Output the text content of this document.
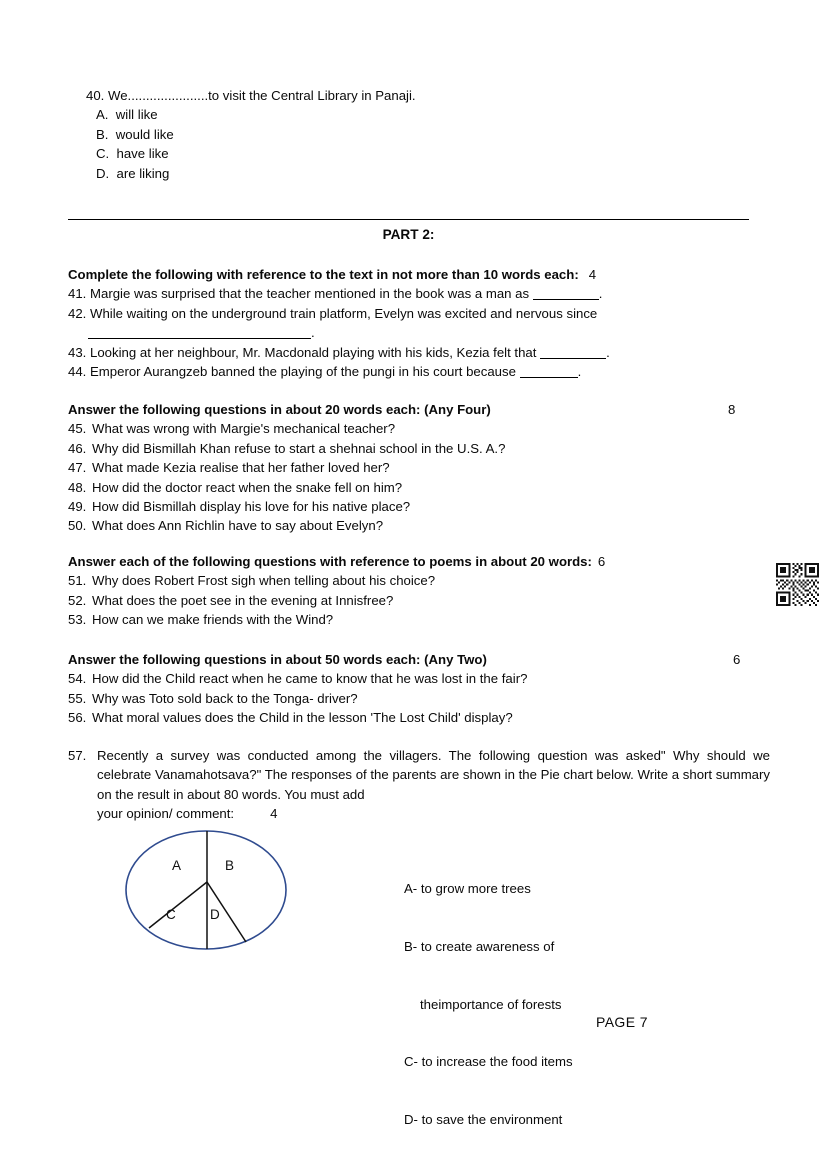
40. We......................to visit the Central Library in Panaji.
A.  will like
B.  would like
C.  have like
D.  are liking
PART 2:
Complete the following with reference to the text in not more than 10 words each: 4
41. Margie was surprised that the teacher mentioned in the book was a man as	.
42. While waiting on the underground train platform, Evelyn was excited and nervous since
.
43. Looking at her neighbour, Mr. Macdonald playing with his kids, Kezia felt that	.
44. Emperor Aurangzeb banned the playing of the pungi in his court because	.
Answer the following questions in about 20 words each: (Any Four)
45. What was wrong with Margie's mechanical teacher?
46. Why did Bismillah Khan refuse to start a shehnai school in the U.S. A.?
47. What made Kezia realise that her father loved her?
48. How did the doctor react when the snake fell on him?
49. How did Bismillah display his love for his native place?
50. What does Ann Richlin have to say about Evelyn?
8
Answer each of the following questions with reference to poems in about 20 words: 6
51. Why does Robert Frost sigh when telling about his choice?
52. What does the poet see in the evening at Innisfree?
53. How can we make friends with the Wind?
Answer the following questions in about 50 words each: (Any Two)
54. How did the Child react when he came to know that he was lost in the fair?
55. Why was Toto sold back to the Tonga- driver?
56. What moral values does the Child in the lesson 'The Lost Child' display?
6
57. Recently a survey was conducted among the villagers. The following question was asked" Why should we celebrate Vanamahotsava?" The responses of the parents are shown in the Pie chart below. Write a short summary on the result in about 80 words. You must add
your opinion/ comment:	4
A	B
C	D

A- to grow more trees

B- to create awareness of

theimportance of forests

C- to increase the food items

D- to save the environment

PAGE 7
